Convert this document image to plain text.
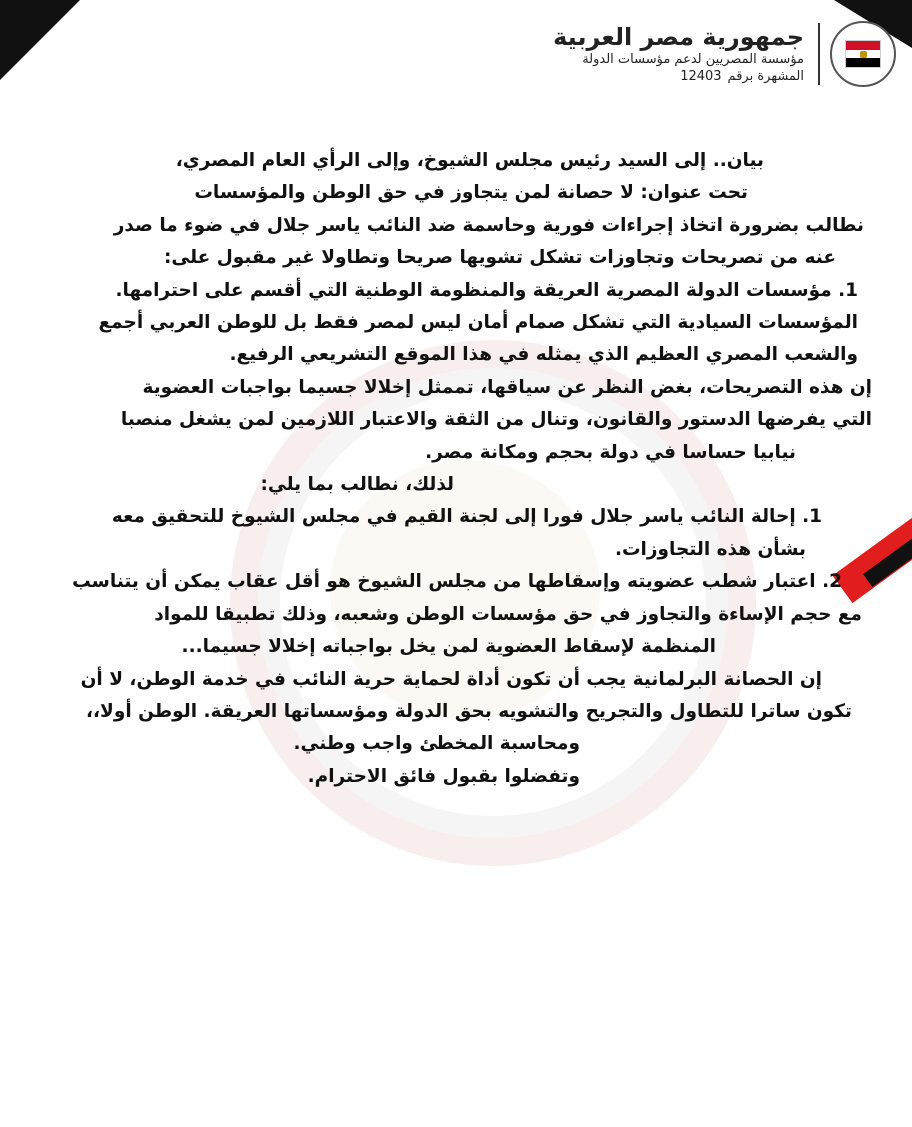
جمهورية مصر العربية
مؤسسة المصريين لدعم مؤسسات الدولة
المشهرة برقم
12403
بيان.. إلى السيد رئيس مجلس الشيوخ، وإلى الرأي العام المصري،
تحت عنوان: لا حصانة لمن يتجاوز في حق الوطن والمؤسسات
نطالب بضرورة اتخاذ إجراءات فورية وحاسمة ضد النائب ياسر جلال في ضوء ما صدر
عنه من تصريحات وتجاوزات تشكل تشويها صريحا وتطاولا غير مقبول على:
1. مؤسسات الدولة المصرية العريقة والمنظومة الوطنية التي أقسم على احترامها.
المؤسسات السيادية التي تشكل صمام أمان ليس لمصر فقط بل للوطن العربي أجمع
والشعب المصري العظيم الذي يمثله في هذا الموقع التشريعي الرفيع.
إن هذه التصريحات، بغض النظر عن سياقها، تممثل إخلالا جسيما بواجبات العضوية
التي يفرضها الدستور والقانون، وتنال من الثقة والاعتبار اللازمين لمن يشغل منصبا
نيابيا حساسا في دولة بحجم ومكانة مصر.
لذلك، نطالب بما يلي:
1. إحالة النائب ياسر جلال فورا إلى لجنة القيم في مجلس الشيوخ للتحقيق معه
بشأن هذه التجاوزات.
2. اعتبار شطب عضويته وإسقاطها من مجلس الشيوخ هو أقل عقاب يمكن أن يتناسب
مع حجم الإساءة والتجاوز في حق مؤسسات الوطن وشعبه، وذلك تطبيقا للمواد
المنظمة لإسقاط العضوية لمن يخل بواجباته إخلالا جسيما...
إن الحصانة البرلمانية يجب أن تكون أداة لحماية حرية النائب في خدمة الوطن، لا أن
تكون ساترا للتطاول والتجريح والتشويه بحق الدولة ومؤسساتها العريقة. الوطن أولا،،
ومحاسبة المخطئ واجب وطني.
وتفضلوا بقبول فائق الاحترام.
